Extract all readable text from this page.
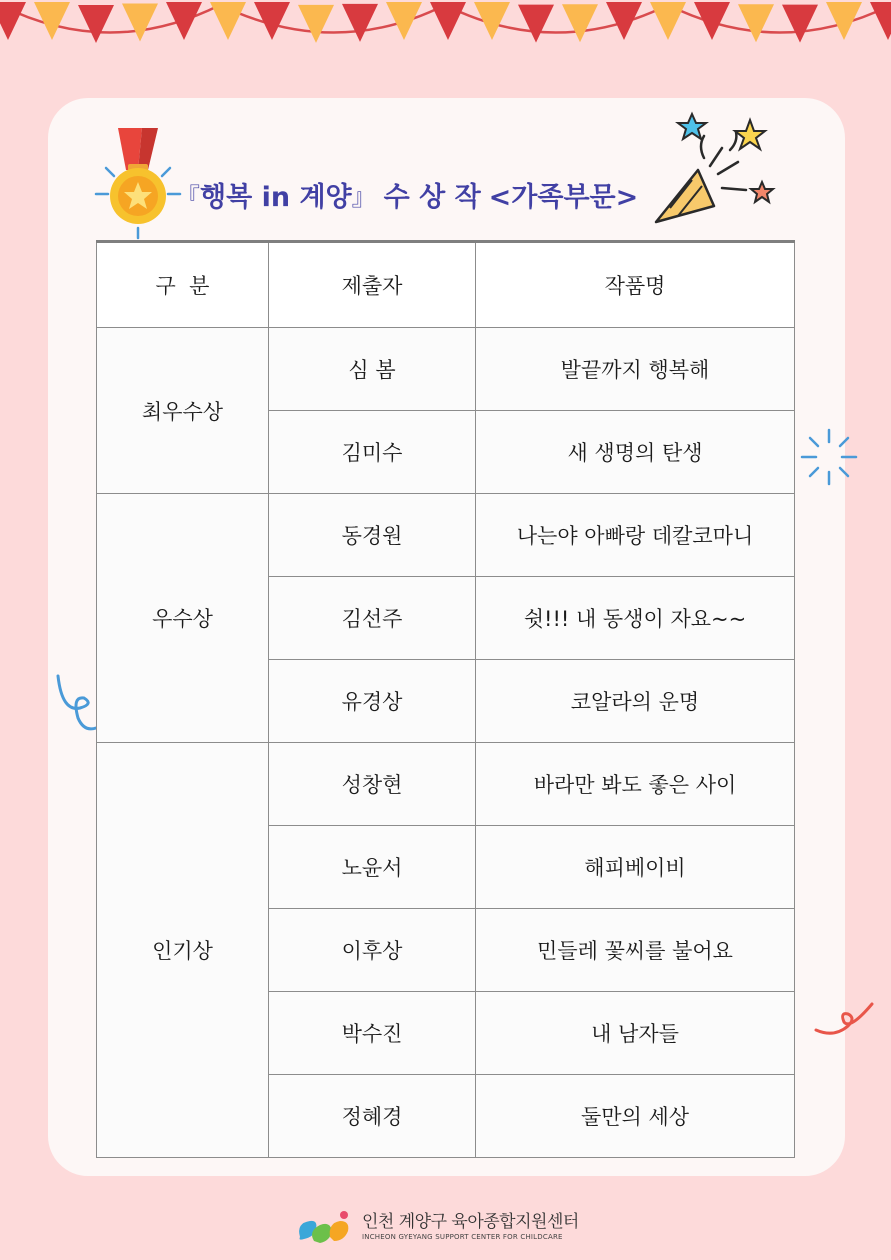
『 행복 in 계양 』 수 상 작 <가족부문>
구  분	제출자	작품명
최우수상	심 봄	발끝까지 행복해
	김미수	새 생명의 탄생
우수상	동경원	나는야 아빠랑 데칼코마니
	김선주	쉿!!! 내 동생이 자요~~
	유경상	코알라의 운명
인기상	성창현	바라만 봐도 좋은 사이
	노윤서	해피베이비
	이후상	민들레 꽃씨를 불어요
	박수진	내 남자들
	정혜경	둘만의 세상
인천 계양구 육아종합지원센터
INCHEON GYEYANG SUPPORT CENTER FOR CHILDCARE
